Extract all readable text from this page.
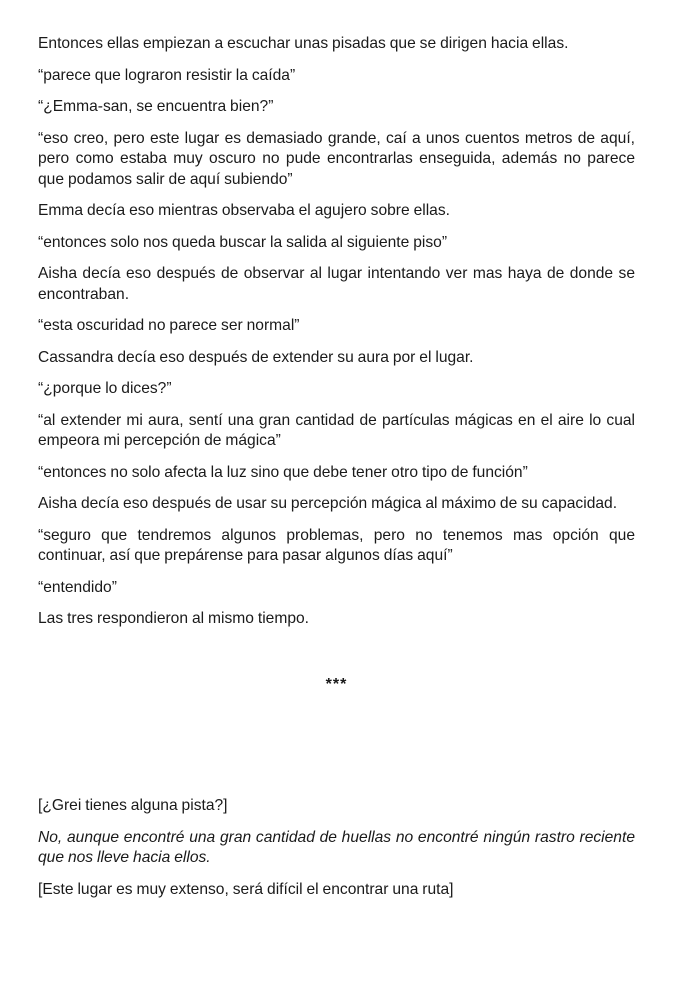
Entonces ellas empiezan a escuchar unas pisadas que se dirigen hacia ellas.

“parece que lograron resistir la caída”

“¿Emma-san, se encuentra bien?”

“eso creo, pero este lugar es demasiado grande, caí a unos cuentos metros de aquí, pero como estaba muy oscuro no pude encontrarlas enseguida, además no parece que podamos salir de aquí subiendo”

Emma decía eso mientras observaba el agujero sobre ellas.

“entonces solo nos queda buscar la salida al siguiente piso”

Aisha decía eso después de observar al lugar intentando ver mas haya de donde se encontraban.

“esta oscuridad no parece ser normal”

Cassandra decía eso después de extender su aura por el lugar.

“¿porque lo dices?”

“al extender mi aura, sentí una gran cantidad de partículas mágicas en el aire lo cual empeora mi percepción de mágica”

“entonces no solo afecta la luz sino que debe tener otro tipo de función”

Aisha decía eso después de usar su percepción mágica al máximo de su capacidad.

“seguro que tendremos algunos problemas, pero no tenemos mas opción que continuar, así que prepárense para pasar algunos días aquí”

“entendido”

Las tres respondieron al mismo tiempo.

***

[¿Grei tienes alguna pista?]

No, aunque encontré una gran cantidad de huellas no encontré ningún rastro reciente que nos lleve hacia ellos.

[Este lugar es muy extenso, será difícil el encontrar una ruta]
